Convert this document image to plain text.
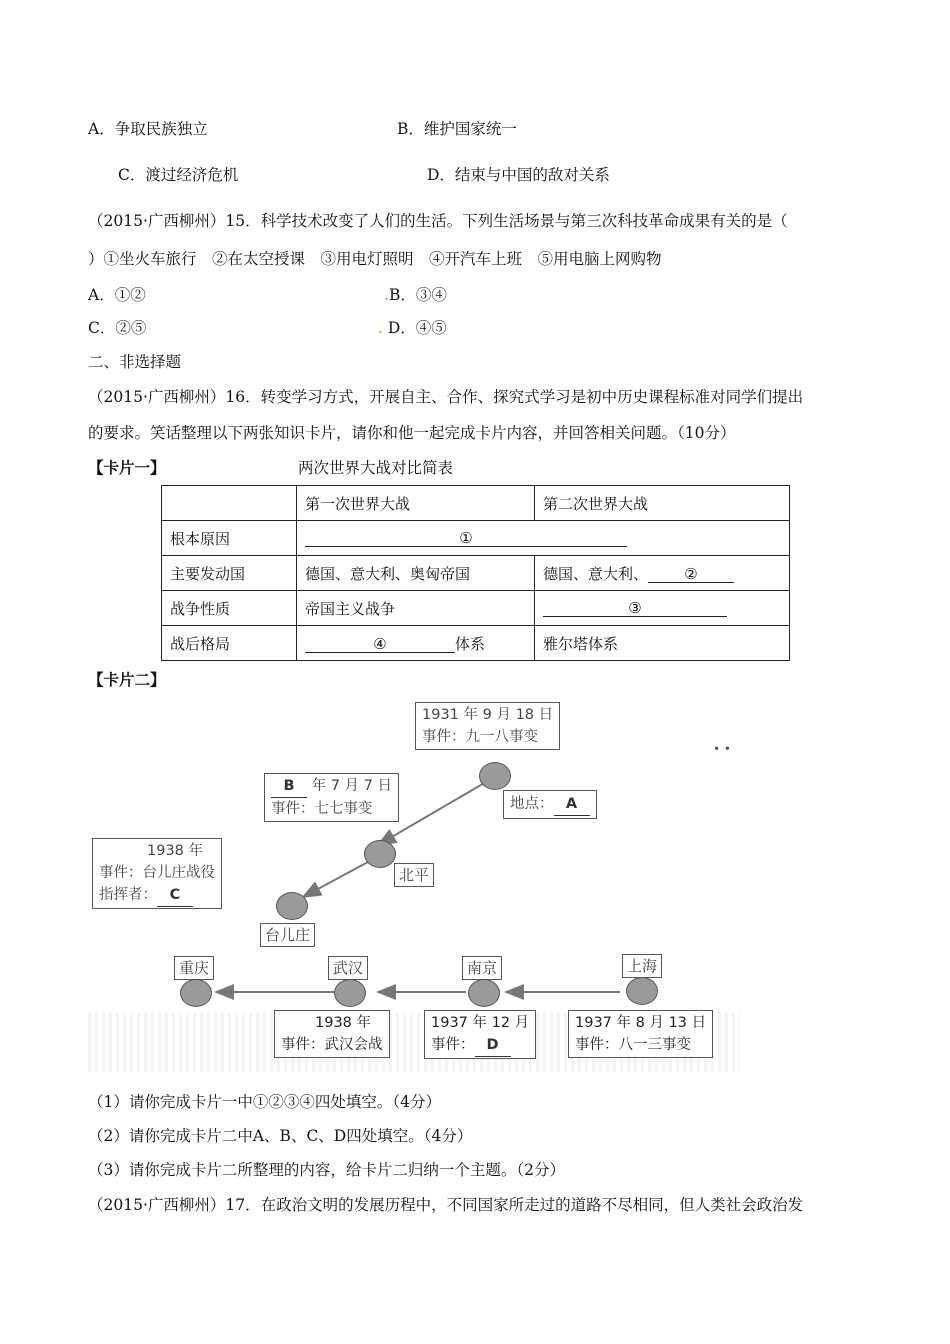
A．争取民族独立	B．维护国家统一
C．渡过经济危机	D．结束与中国的敌对关系
（2015·广西柳州）15．科学技术改变了人们的生活。下列生活场景与第三次科技革命成果有关的是（
）①坐火车旅行　②在太空授课　③用电灯照明　④开汽车上班　⑤用电脑上网购物
A．①②	.B．③④
C．②⑤	. D．④⑤
二、非选择题
（2015·广西柳州）16．转变学习方式，开展自主、合作、探究式学习是初中历史课程标准对同学们提出
的要求。笑话整理以下两张知识卡片，请你和他一起完成卡片内容，并回答相关问题。（10分）
【卡片一】	两次世界大战对比简表
	第一次世界大战	第二次世界大战
根本原因	①	
主要发动国	德国、意大利、奥匈帝国	德国、意大利、 ②
战争性质	帝国主义战争	③
战后格局	④ 体系	雅尔塔体系
【卡片二】
1931 年 9 月 18 日
事件：九一八事变
• •
地点： A
B 年 7 月 7 日
事件：七七事变
北平
1938 年
事件：台儿庄战役
指挥者： C
台儿庄
重庆	武汉	南京	上海
1938 年
事件：武汉会战
1937 年 12 月
事件： D
1937 年 8 月 13 日
事件：八一三事变
（1）请你完成卡片一中①②③④四处填空。（4分）
（2）请你完成卡片二中A、B、C、D四处填空。（4分）
（3）请你完成卡片二所整理的内容，给卡片二归纳一个主题。（2分）
（2015·广西柳州）17．在政治文明的发展历程中，不同国家所走过的道路不尽相同，但人类社会政治发
